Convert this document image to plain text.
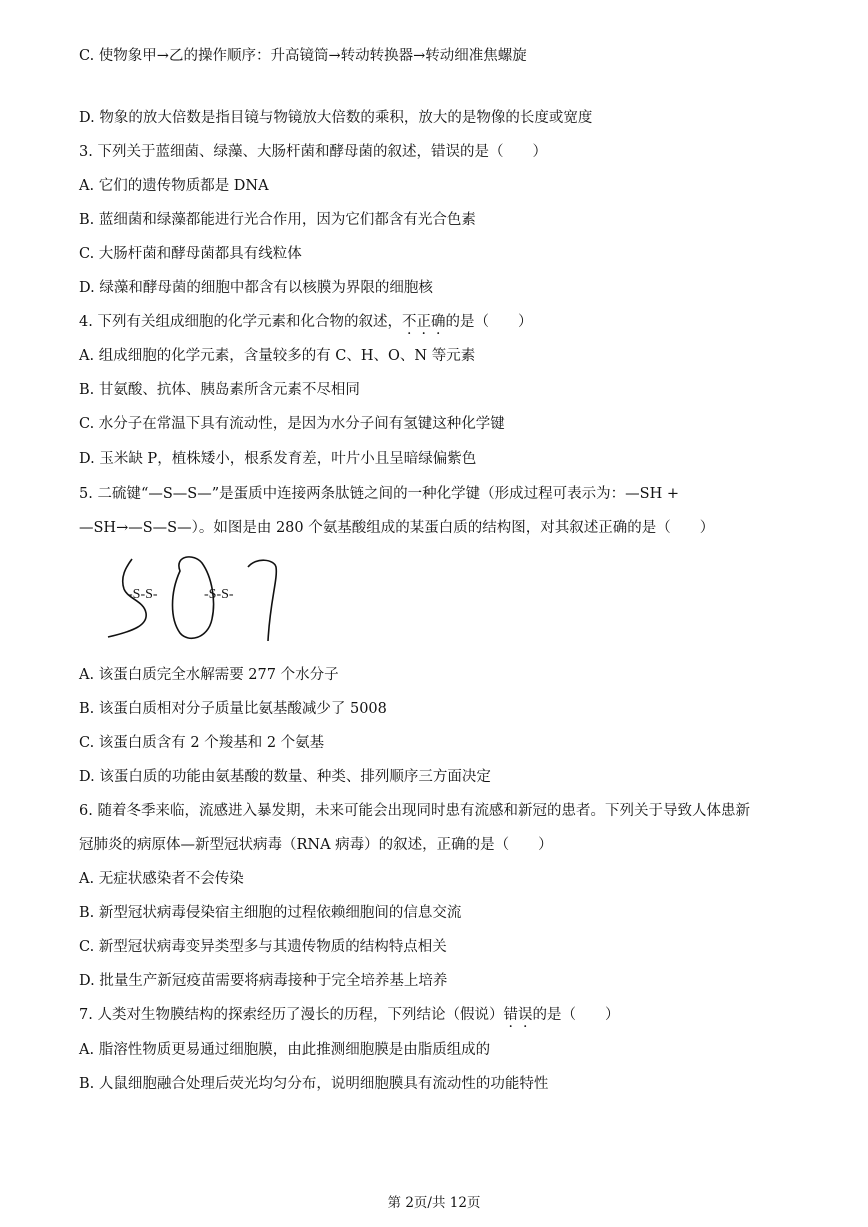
C. 使物象甲→乙的操作顺序：升高镜筒→转动转换器→转动细准焦螺旋
D. 物象的放大倍数是指目镜与物镜放大倍数的乘积，放大的是物像的长度或宽度
3. 下列关于蓝细菌、绿藻、大肠杆菌和酵母菌的叙述，错误的是（　　）
A. 它们的遗传物质都是 DNA
B. 蓝细菌和绿藻都能进行光合作用，因为它们都含有光合色素
C. 大肠杆菌和酵母菌都具有线粒体
D. 绿藻和酵母菌的细胞中都含有以核膜为界限的细胞核
4. 下列有关组成细胞的化学元素和化合物的叙述，不正确的是（　　）
A. 组成细胞的化学元素，含量较多的有 C、H、O、N 等元素
B. 甘氨酸、抗体、胰岛素所含元素不尽相同
C. 水分子在常温下具有流动性，是因为水分子间有氢键这种化学键
D. 玉米缺 P，植株矮小，根系发育差，叶片小且呈暗绿偏紫色
5. 二硫键“—S—S—”是蛋质中连接两条肽链之间的一种化学键（形成过程可表示为：—SH +
—SH→—S—S—）。如图是由 280 个氨基酸组成的某蛋白质的结构图，对其叙述正确的是（　　）
A. 该蛋白质完全水解需要 277 个水分子
B. 该蛋白质相对分子质量比氨基酸减少了 5008
C. 该蛋白质含有 2 个羧基和 2 个氨基
D. 该蛋白质的功能由氨基酸的数量、种类、排列顺序三方面决定
6. 随着冬季来临，流感进入暴发期，未来可能会出现同时患有流感和新冠的患者。下列关于导致人体患新
冠肺炎的病原体—新型冠状病毒（RNA 病毒）的叙述，正确的是（　　）
A. 无症状感染者不会传染
B. 新型冠状病毒侵染宿主细胞的过程依赖细胞间的信息交流
C. 新型冠状病毒变异类型多与其遗传物质的结构特点相关
D. 批量生产新冠疫苗需要将病毒接种于完全培养基上培养
7. 人类对生物膜结构的探索经历了漫长的历程，下列结论（假说）错误的是（　　）
A. 脂溶性物质更易通过细胞膜，由此推测细胞膜是由脂质组成的
B. 人鼠细胞融合处理后荧光均匀分布，说明细胞膜具有流动性的功能特性
-S-S-	-S-S-
第 2页/共 12页
